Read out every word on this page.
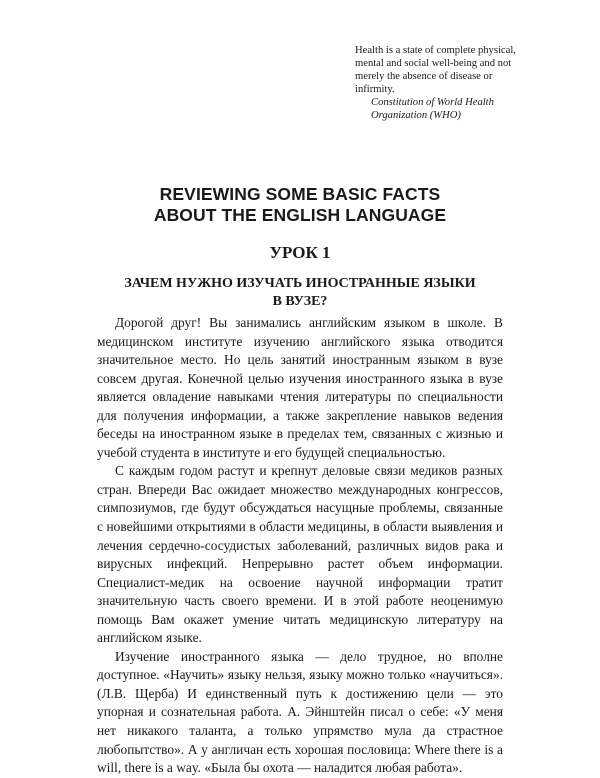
Health is a state of complete physical, mental and social well-being and not merely the absence of disease or infirmity.
Constitution of World Health Organization (WHO)
REVIEWING SOME BASIC FACTS
ABOUT THE ENGLISH LANGUAGE
УРОК 1
ЗАЧЕМ НУЖНО ИЗУЧАТЬ ИНОСТРАННЫЕ ЯЗЫКИ
В ВУЗЕ?

Дорогой друг! Вы занимались английским языком в школе. В медицинском институте изучению английского языка отводится значительное место. Но цель занятий иностранным языком в вузе совсем другая. Конечной целью изучения иностранного языка в вузе является овладение навыками чтения литературы по специальности для получения информации, а также закрепление навыков ведения беседы на иностранном языке в пределах тем, связанных с жизнью и учебой студента в институте и его будущей специальностью.

С каждым годом растут и крепнут деловые связи медиков разных стран. Впереди Вас ожидает множество международных конгрессов, симпозиумов, где будут обсуждаться насущные проблемы, связанные с новейшими открытиями в области медицины, в области выявления и лечения сердечно-сосудистых заболеваний, различных видов рака и вирусных инфекций. Непрерывно растет объем информации. Специалист-медик на освоение научной информации тратит значительную часть своего времени. И в этой работе неоценимую помощь Вам окажет умение читать медицинскую литературу на английском языке.

Изучение иностранного языка — дело трудное, но вполне доступное. «Научить» языку нельзя, языку можно только «научиться». (Л.В. Щерба) И единственный путь к достижению цели — это упорная и сознательная работа. А. Эйнштейн писал о себе: «У меня нет никакого таланта, а только упрямство мула да страстное любопытство». А у англичан есть хорошая пословица: Where there is a will, there is a way. «Была бы охота — наладится любая работа».
